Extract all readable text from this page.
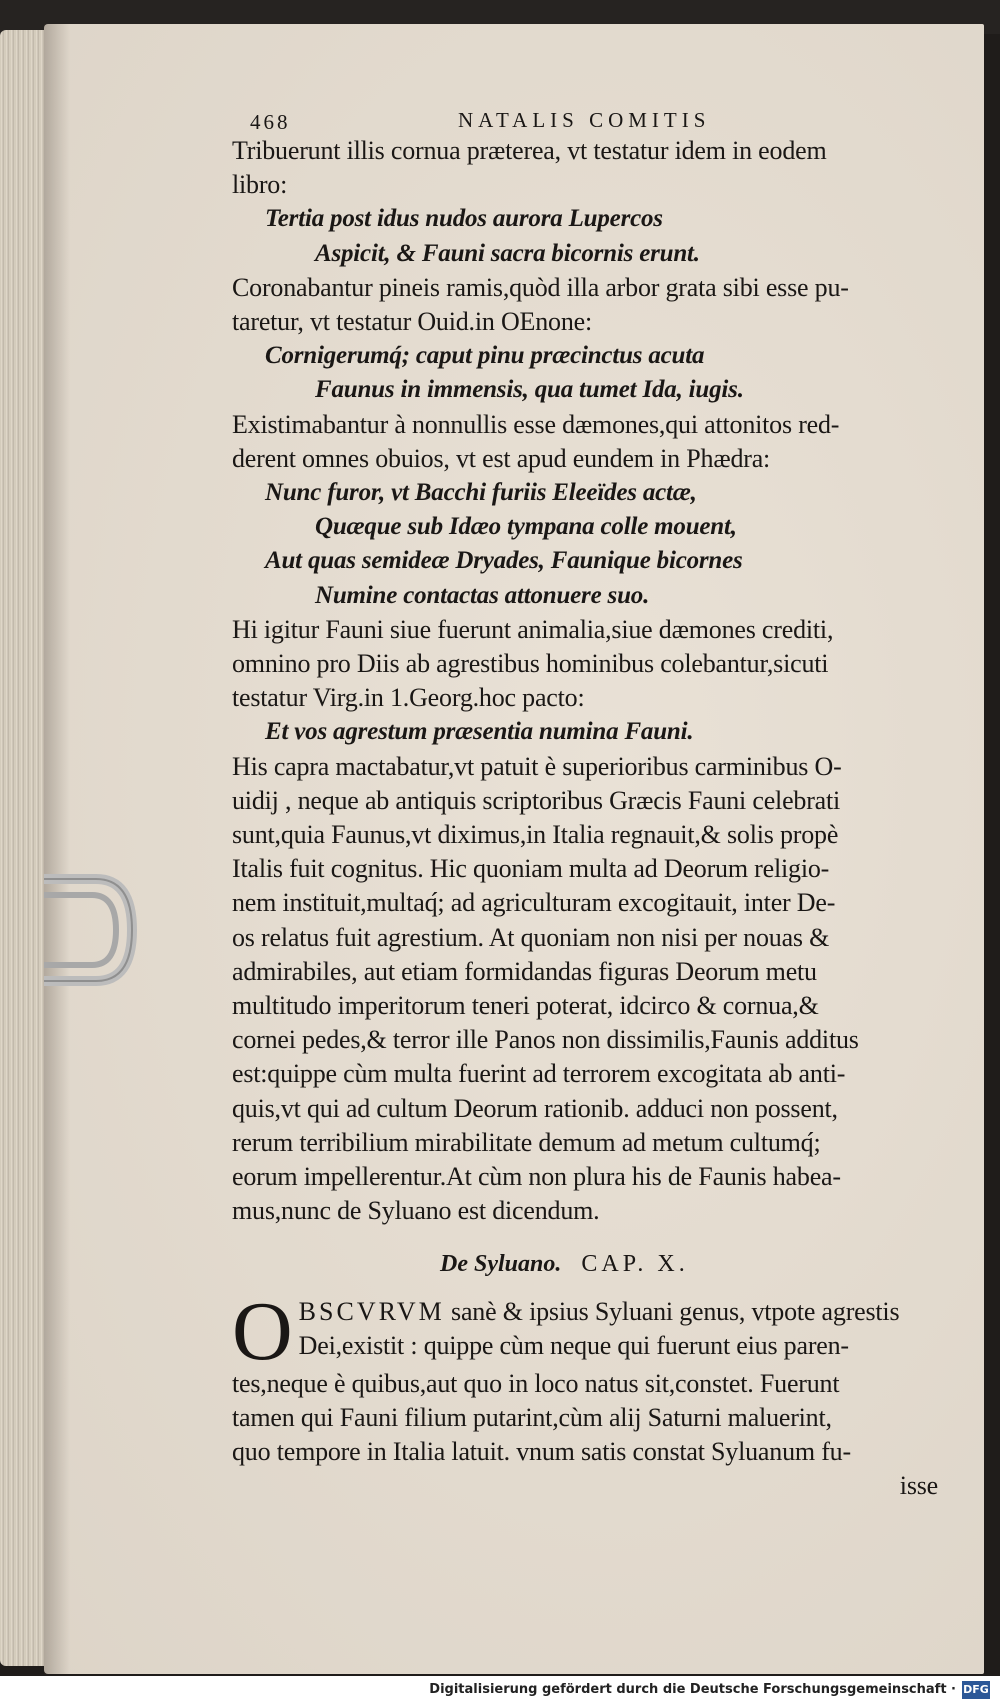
468	NATALIS COMITIS
Tribuerunt illis cornua præterea, vt testatur idem in eodem
libro:
Tertia post idus nudos aurora Lupercos
Aspicit, & Fauni sacra bicornis erunt.
Coronabantur pineis ramis,quòd illa arbor grata sibi esse pu-
taretur, vt testatur Ouid.in OEnone:
Cornigerumq́; caput pinu præcinctus acuta
Faunus in immensis, qua tumet Ida, iugis.
Existimabantur à nonnullis esse dæmones,qui attonitos red-
derent omnes obuios, vt est apud eundem in Phædra:
Nunc furor, vt Bacchi furiis Eleeïdes actæ,
Quæque sub Idæo tympana colle mouent,
Aut quas semideæ Dryades, Faunique bicornes
Numine contactas attonuere suo.
Hi igitur Fauni siue fuerunt animalia,siue dæmones crediti,
omnino pro Diis ab agrestibus hominibus colebantur,sicuti
testatur Virg.in 1.Georg.hoc pacto:
Et vos agrestum præsentia numina Fauni.
His capra mactabatur,vt patuit è superioribus carminibus O-
uidij , neque ab antiquis scriptoribus Græcis Fauni celebrati
sunt,quia Faunus,vt diximus,in Italia regnauit,& solis propè
Italis fuit cognitus. Hic quoniam multa ad Deorum religio-
nem instituit,multaq́; ad agriculturam excogitauit, inter De-
os relatus fuit agrestium. At quoniam non nisi per nouas &
admirabiles, aut etiam formidandas figuras Deorum metu
multitudo imperitorum teneri poterat, idcirco & cornua,&
cornei pedes,& terror ille Panos non dissimilis,Faunis additus
est:quippe cùm multa fuerint ad terrorem excogitata ab anti-
quis,vt qui ad cultum Deorum rationib. adduci non possent,
rerum terribilium mirabilitate demum ad metum cultumq́;
eorum impellerentur.At cùm non plura his de Faunis habea-
mus,nunc de Syluano est dicendum.
De Syluano. CAP. X.
O BSCVRVM sanè & ipsius Syluani genus, vtpote agrestis
Dei,existit : quippe cùm neque qui fuerunt eius paren-
tes,neque è quibus,aut quo in loco natus sit,constet. Fuerunt
tamen qui Fauni filium putarint,cùm alij Saturni maluerint,
quo tempore in Italia latuit. vnum satis constat Syluanum fu-
isse
Digitalisierung gefördert durch die Deutsche Forschungsgemeinschaft · DFG
